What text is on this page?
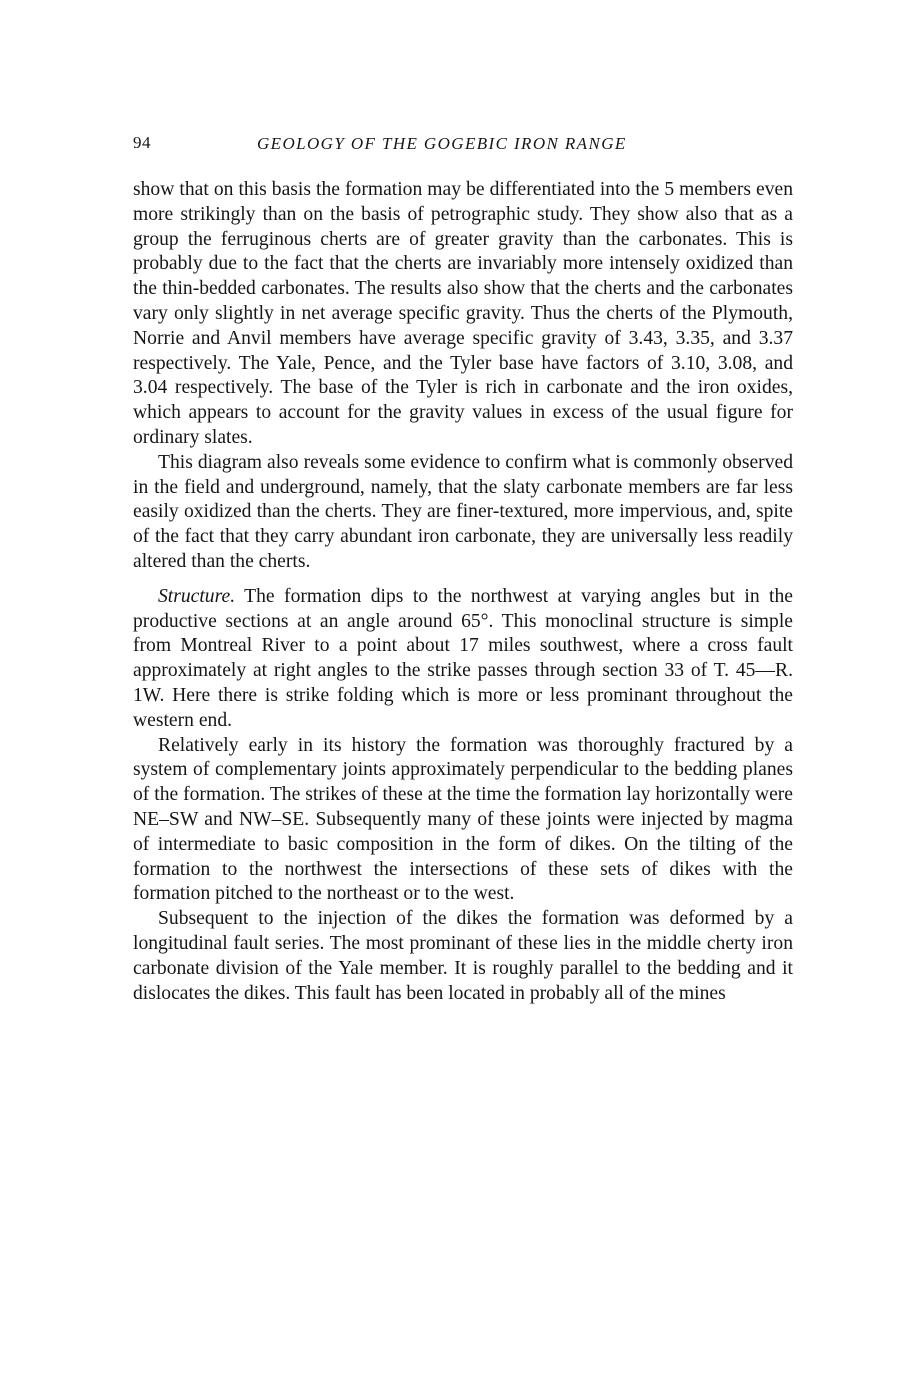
94	GEOLOGY OF THE GOGEBIC IRON RANGE

show that on this basis the formation may be differentiated into the 5 members even more strikingly than on the basis of petrographic study. They show also that as a group the ferruginous cherts are of greater gravity than the carbonates. This is probably due to the fact that the cherts are invariably more intensely oxidized than the thin-bedded carbonates. The results also show that the cherts and the carbonates vary only slightly in net average specific gravity. Thus the cherts of the Plymouth, Norrie and Anvil members have average specific gravity of 3.43, 3.35, and 3.37 respectively. The Yale, Pence, and the Tyler base have factors of 3.10, 3.08, and 3.04 respectively. The base of the Tyler is rich in carbonate and the iron oxides, which appears to account for the gravity values in excess of the usual figure for ordinary slates.

This diagram also reveals some evidence to confirm what is commonly observed in the field and underground, namely, that the slaty carbonate members are far less easily oxidized than the cherts. They are finer-textured, more impervious, and, spite of the fact that they carry abundant iron carbonate, they are universally less readily altered than the cherts.

Structure. The formation dips to the northwest at varying angles but in the productive sections at an angle around 65°. This monoclinal structure is simple from Montreal River to a point about 17 miles southwest, where a cross fault approximately at right angles to the strike passes through section 33 of T. 45—R. 1W. Here there is strike folding which is more or less prominant throughout the western end.

Relatively early in its history the formation was thoroughly fractured by a system of complementary joints approximately perpendicular to the bedding planes of the formation. The strikes of these at the time the formation lay horizontally were NE–SW and NW–SE. Subsequently many of these joints were injected by magma of intermediate to basic composition in the form of dikes. On the tilting of the formation to the northwest the intersections of these sets of dikes with the formation pitched to the northeast or to the west.

Subsequent to the injection of the dikes the formation was deformed by a longitudinal fault series. The most prominant of these lies in the middle cherty iron carbonate division of the Yale member. It is roughly parallel to the bedding and it dislocates the dikes. This fault has been located in probably all of the mines
